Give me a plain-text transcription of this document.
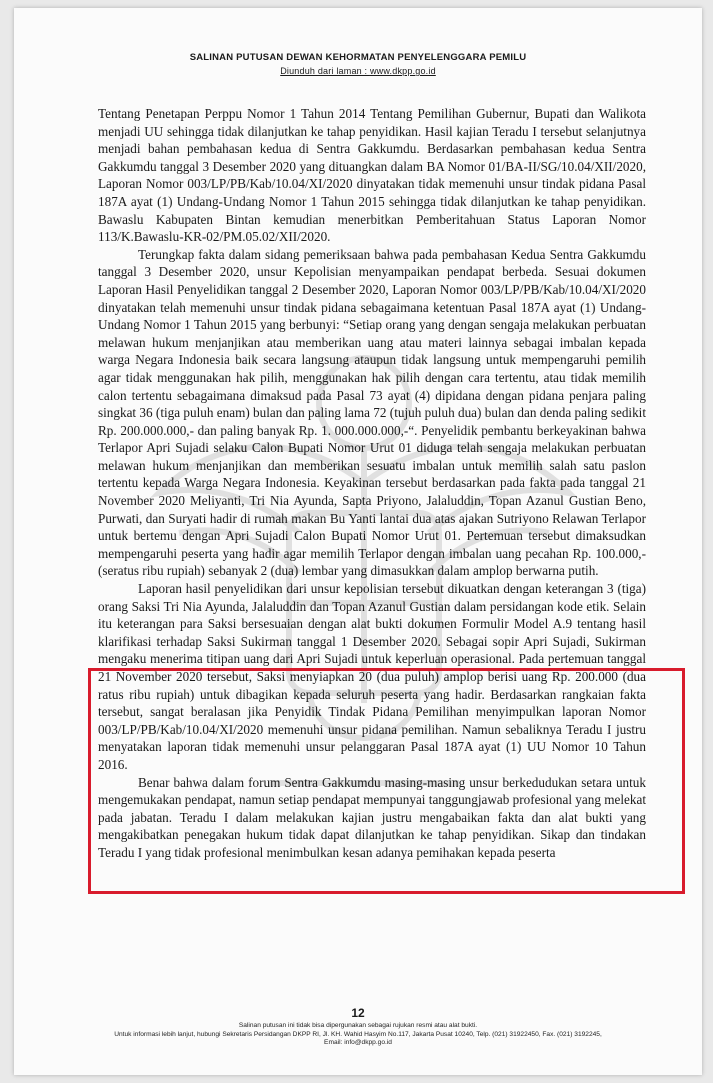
SALINAN PUTUSAN DEWAN KEHORMATAN PENYELENGGARA PEMILU
Diunduh dari laman : www.dkpp.go.id

Tentang Penetapan Perppu Nomor 1 Tahun 2014 Tentang Pemilihan Gubernur, Bupati dan Walikota menjadi UU sehingga tidak dilanjutkan ke tahap penyidikan. Hasil kajian Teradu I tersebut selanjutnya menjadi bahan pembahasan kedua di Sentra Gakkumdu. Berdasarkan pembahasan kedua Sentra Gakkumdu tanggal 3 Desember 2020 yang dituangkan dalam BA Nomor 01/BA-II/SG/10.04/XII/2020, Laporan Nomor 003/LP/PB/Kab/10.04/XI/2020 dinyatakan tidak memenuhi unsur tindak pidana Pasal 187A ayat (1) Undang-Undang Nomor 1 Tahun 2015 sehingga tidak dilanjutkan ke tahap penyidikan. Bawaslu Kabupaten Bintan kemudian menerbitkan Pemberitahuan Status Laporan Nomor 113/K.Bawaslu-KR-02/PM.05.02/XII/2020.

Terungkap fakta dalam sidang pemeriksaan bahwa pada pembahasan Kedua Sentra Gakkumdu tanggal 3 Desember 2020, unsur Kepolisian menyampaikan pendapat berbeda. Sesuai dokumen Laporan Hasil Penyelidikan tanggal 2 Desember 2020, Laporan Nomor 003/LP/PB/Kab/10.04/XI/2020 dinyatakan telah memenuhi unsur tindak pidana sebagaimana ketentuan Pasal 187A ayat (1) Undang-Undang Nomor 1 Tahun 2015 yang berbunyi: “Setiap orang yang dengan sengaja melakukan perbuatan melawan hukum menjanjikan atau memberikan uang atau materi lainnya sebagai imbalan kepada warga Negara Indonesia baik secara langsung ataupun tidak langsung untuk mempengaruhi pemilih agar tidak menggunakan hak pilih, menggunakan hak pilih dengan cara tertentu, atau tidak memilih calon tertentu sebagaimana dimaksud pada Pasal 73 ayat (4) dipidana dengan pidana penjara paling singkat 36 (tiga puluh enam) bulan dan paling lama 72 (tujuh puluh dua) bulan dan denda paling sedikit Rp. 200.000.000,- dan paling banyak Rp. 1. 000.000.000,-“. Penyelidik pembantu berkeyakinan bahwa Terlapor Apri Sujadi selaku Calon Bupati Nomor Urut 01 diduga telah sengaja melakukan perbuatan melawan hukum menjanjikan dan memberikan sesuatu imbalan untuk memilih salah satu paslon tertentu kepada Warga Negara Indonesia. Keyakinan tersebut berdasarkan pada fakta pada tanggal 21 November 2020 Meliyanti, Tri Nia Ayunda, Sapta Priyono, Jalaluddin, Topan Azanul Gustian Beno, Purwati, dan Suryati hadir di rumah makan Bu Yanti lantai dua atas ajakan Sutriyono Relawan Terlapor untuk bertemu dengan Apri Sujadi Calon Bupati Nomor Urut 01. Pertemuan tersebut dimaksudkan mempengaruhi peserta yang hadir agar memilih Terlapor dengan imbalan uang pecahan Rp. 100.000,- (seratus ribu rupiah) sebanyak 2 (dua) lembar yang dimasukkan dalam amplop berwarna putih.

Laporan hasil penyelidikan dari unsur kepolisian tersebut dikuatkan dengan keterangan 3 (tiga) orang Saksi Tri Nia Ayunda, Jalaluddin dan Topan Azanul Gustian dalam persidangan kode etik. Selain itu keterangan para Saksi bersesuaian dengan alat bukti dokumen Formulir Model A.9 tentang hasil klarifikasi terhadap Saksi Sukirman tanggal 1 Desember 2020. Sebagai sopir Apri Sujadi, Sukirman mengaku menerima titipan uang dari Apri Sujadi untuk keperluan operasional. Pada pertemuan tanggal 21 November 2020 tersebut, Saksi menyiapkan 20 (dua puluh) amplop berisi uang Rp. 200.000 (dua ratus ribu rupiah) untuk dibagikan kepada seluruh peserta yang hadir. Berdasarkan rangkaian fakta tersebut, sangat beralasan jika Penyidik Tindak Pidana Pemilihan menyimpulkan laporan Nomor 003/LP/PB/Kab/10.04/XI/2020 memenuhi unsur pidana pemilihan. Namun sebaliknya Teradu I justru menyatakan laporan tidak memenuhi unsur pelanggaran Pasal 187A ayat (1) UU Nomor 10 Tahun 2016.

Benar bahwa dalam forum Sentra Gakkumdu masing-masing unsur berkedudukan setara untuk mengemukakan pendapat, namun setiap pendapat mempunyai tanggungjawab profesional yang melekat pada jabatan. Teradu I dalam melakukan kajian justru mengabaikan fakta dan alat bukti yang mengakibatkan penegakan hukum tidak dapat dilanjutkan ke tahap penyidikan. Sikap dan tindakan Teradu I yang tidak profesional menimbulkan kesan adanya pemihakan kepada peserta

12
Salinan putusan ini tidak bisa dipergunakan sebagai rujukan resmi atau alat bukti.
Untuk informasi lebih lanjut, hubungi Sekretaris Persidangan DKPP RI, Jl. KH. Wahid Hasyim No.117, Jakarta Pusat 10240, Telp. (021) 31922450, Fax. (021) 3192245,
Email: info@dkpp.go.id
